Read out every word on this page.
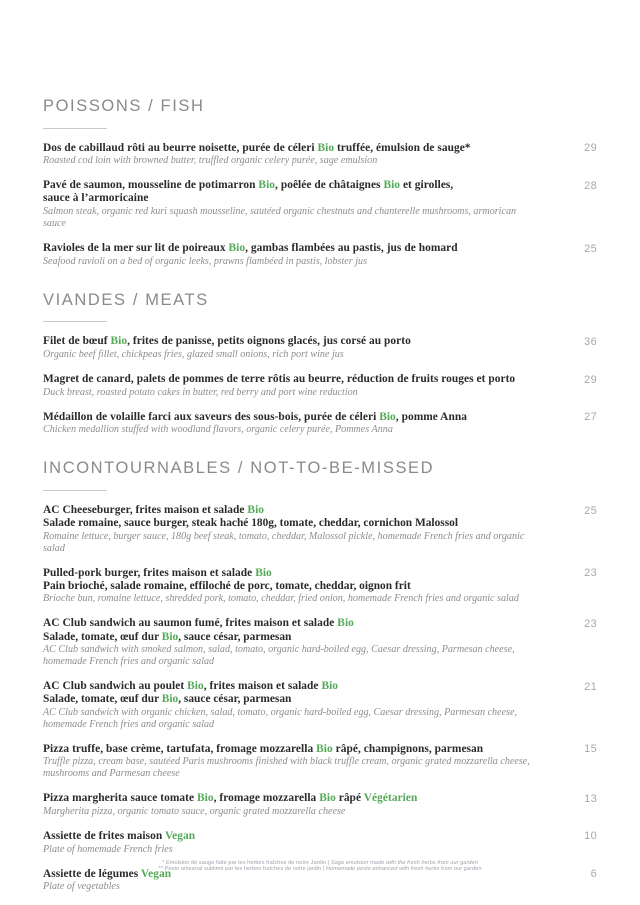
POISSONS / FISH
29
Dos de cabillaud rôti au beurre noisette, purée de céleri Bio truffée, émulsion de sauge*
Roasted cod loin with browned butter, truffled organic celery purée, sage emulsion
28
Pavé de saumon, mousseline de potimarron Bio, poêlée de châtaignes Bio et girolles,
sauce à l’armoricaine
Salmon steak, organic red kuri squash mousseline, sautéed organic chestnuts and chanterelle mushrooms, armorican sauce
25
Ravioles de la mer sur lit de poireaux Bio, gambas flambées au pastis, jus de homard
Seafood ravioli on a bed of organic leeks, prawns flambéed in pastis, lobster jus
VIANDES / MEATS
36
Filet de bœuf Bio, frites de panisse, petits oignons glacés, jus corsé au porto
Organic beef fillet, chickpeas fries, glazed small onions, rich port wine jus
29
Magret de canard, palets de pommes de terre rôtis au beurre, réduction de fruits rouges et porto
Duck breast, roasted potato cakes in butter, red berry and port wine reduction
27
Médaillon de volaille farci aux saveurs des sous-bois, purée de céleri Bio, pomme Anna
Chicken medallion stuffed with woodland flavors, organic celery purée, Pommes Anna
INCONTOURNABLES / NOT-TO-BE-MISSED
25
AC Cheeseburger, frites maison et salade Bio
Salade romaine, sauce burger, steak haché 180g, tomate, cheddar, cornichon Malossol
Romaine lettuce, burger sauce, 180g beef steak, tomato, cheddar, Malossol pickle, homemade French fries and organic salad
23
Pulled-pork burger, frites maison et salade Bio
Pain brioché, salade romaine, effiloché de porc, tomate, cheddar, oignon frit
Brioche bun, romaine lettuce, shredded pork, tomato, cheddar, fried onion, homemade French fries and organic salad
23
AC Club sandwich au saumon fumé, frites maison et salade Bio
Salade, tomate, œuf dur Bio, sauce césar, parmesan
AC Club sandwich with smoked salmon, salad, tomato, organic hard-boiled egg, Caesar dressing, Parmesan cheese, homemade French fries and organic salad
21
AC Club sandwich au poulet Bio, frites maison et salade Bio
Salade, tomate, œuf dur Bio, sauce césar, parmesan
AC Club sandwich with organic chicken, salad, tomato, organic hard-boiled egg, Caesar dressing, Parmesan cheese, homemade French fries and organic salad
15
Pizza truffe, base crème, tartufata, fromage mozzarella Bio râpé, champignons, parmesan
Truffle pizza, cream base, sautéed Paris mushrooms finished with black truffle cream, organic grated mozzarella cheese, mushrooms and Parmesan cheese
13
Pizza margherita sauce tomate Bio, fromage mozzarella Bio râpé Végétarien
Margherita pizza, organic tomato sauce, organic grated mozzarella cheese
10
Assiette de frites maison Vegan
Plate of homemade French fries
6
Assiette de légumes Vegan
Plate of vegetables
* Émulsion de sauge faite par les herbes fraîches de notre Jardin | Sage emulsion made with the fresh herbs from our garden
** Pesto artisanal sublimé par les herbes fraîches de notre jardin | Homemade pesto enhanced with fresh herbs from our garden
